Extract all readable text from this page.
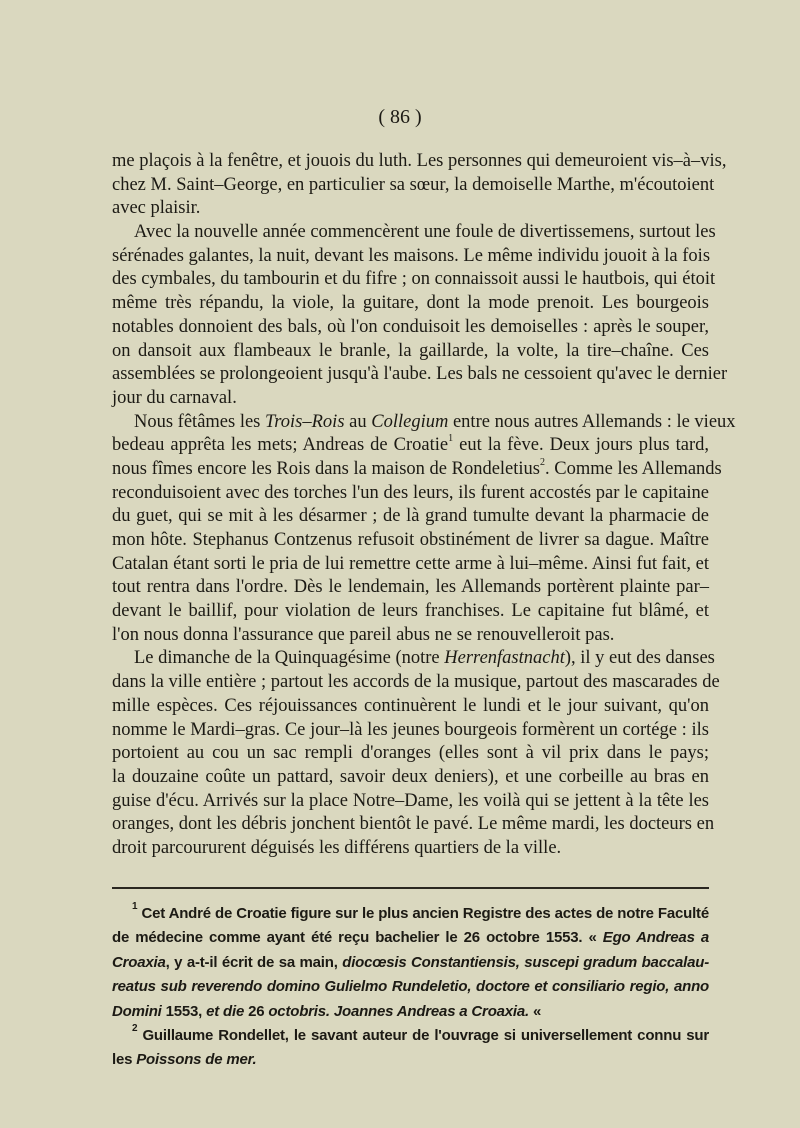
( 86 )
me plaçois à la fenêtre, et jouois du luth. Les personnes qui demeuroient vis–à–vis,
chez M. Saint–George, en particulier sa sœur, la demoiselle Marthe, m'écoutoient
avec plaisir.
Avec la nouvelle année commencèrent une foule de divertissemens, surtout les
sérénades galantes, la nuit, devant les maisons. Le même individu jouoit à la fois
des cymbales, du tambourin et du fifre ; on connaissoit aussi le hautbois, qui étoit
même très répandu, la viole, la guitare, dont la mode prenoit. Les bourgeois
notables donnoient des bals, où l'on conduisoit les demoiselles : après le souper,
on dansoit aux flambeaux le branle, la gaillarde, la volte, la tire–chaîne. Ces
assemblées se prolongeoient jusqu'à l'aube. Les bals ne cessoient qu'avec le dernier
jour du carnaval.
Nous fêtâmes les Trois–Rois au Collegium entre nous autres Allemands : le vieux
bedeau apprêta les mets; Andreas de Croatie$^1$ eut la fève. Deux jours plus tard,
nous fîmes encore les Rois dans la maison de Rondeletius$^2$. Comme les Allemands
reconduisoient avec des torches l'un des leurs, ils furent accostés par le capitaine
du guet, qui se mit à les désarmer ; de là grand tumulte devant la pharmacie de
mon hôte. Stephanus Contzenus refusoit obstinément de livrer sa dague. Maître
Catalan étant sorti le pria de lui remettre cette arme à lui–même. Ainsi fut fait, et
tout rentra dans l'ordre. Dès le lendemain, les Allemands portèrent plainte par–
devant le baillif, pour violation de leurs franchises. Le capitaine fut blâmé, et
l'on nous donna l'assurance que pareil abus ne se renouvelleroit pas.
Le dimanche de la Quinquagésime (notre Herrenfastnacht), il y eut des danses
dans la ville entière ; partout les accords de la musique, partout des mascarades de
mille espèces. Ces réjouissances continuèrent le lundi et le jour suivant, qu'on
nomme le Mardi–gras. Ce jour–là les jeunes bourgeois formèrent un cortége : ils
portoient au cou un sac rempli d'oranges (elles sont à vil prix dans le pays;
la douzaine coûte un pattard, savoir deux deniers), et une corbeille au bras en
guise d'écu. Arrivés sur la place Notre–Dame, les voilà qui se jettent à la tête les
oranges, dont les débris jonchent bientôt le pavé. Le même mardi, les docteurs en
droit parcoururent déguisés les différens quartiers de la ville.
$^1$ Cet André de Croatie figure sur le plus ancien Registre des actes de notre Faculté
de médecine comme ayant été reçu bachelier le 26 octobre 1553. « Ego Andreas a
Croaxia, y a-t-il écrit de sa main, diocœsis Constantiensis, suscepi gradum baccalau-
reatus sub reverendo domino Gulielmo Rundeletio, doctore et consiliario regio, anno
Domini 1553, et die 26 octobris. Joannes Andreas a Croaxia. «
$^2$ Guillaume Rondellet, le savant auteur de l'ouvrage si universellement connu sur
les Poissons de mer.
